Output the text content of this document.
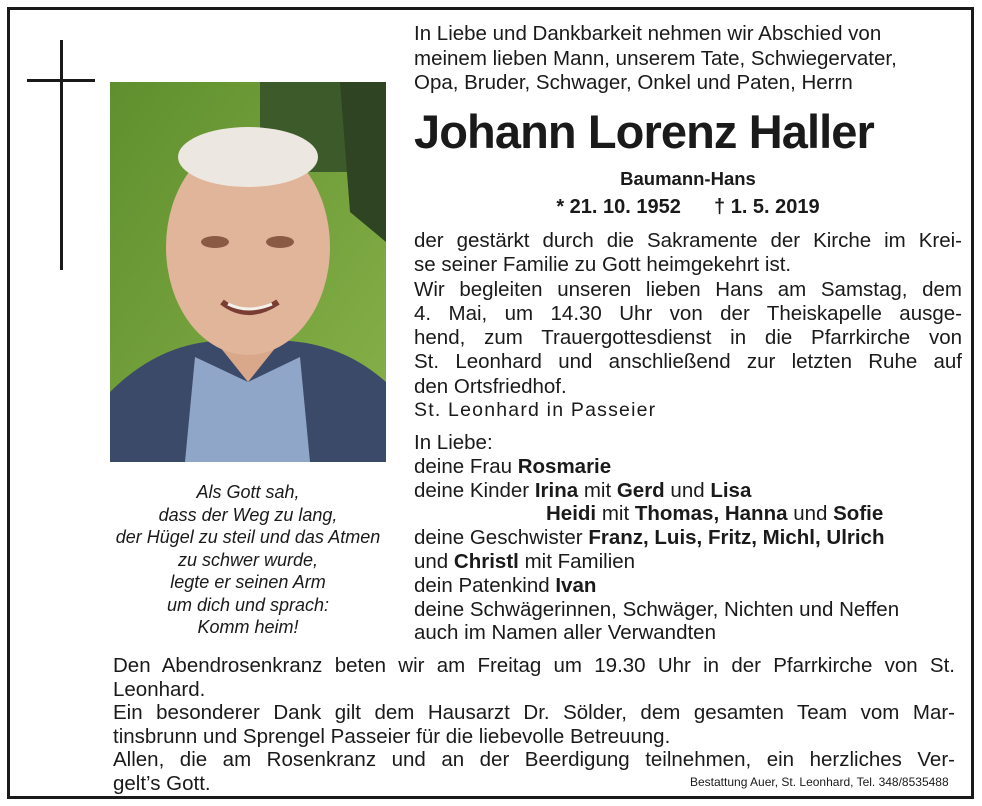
Als Gott sah,
dass der Weg zu lang,
der Hügel zu steil und das Atmen
zu schwer wurde,
legte er seinen Arm
um dich und sprach:
Komm heim!
In Liebe und Dankbarkeit nehmen wir Abschied von
meinem lieben Mann, unserem Tate, Schwiegervater,
Opa, Bruder, Schwager, Onkel und Paten, Herrn
Johann Lorenz Haller
Baumann-Hans
* 21. 10. 1952 † 1. 5. 2019
der gestärkt durch die Sakramente der Kirche im Krei-
se seiner Familie zu Gott heimgekehrt ist.
Wir begleiten unseren lieben Hans am Samstag, dem
4. Mai, um 14.30 Uhr von der Theiskapelle ausge-
hend, zum Trauergottesdienst in die Pfarrkirche von
St. Leonhard und anschließend zur letzten Ruhe auf
den Ortsfriedhof.
St. Leonhard in Passeier
In Liebe:
deine Frau Rosmarie
deine Kinder Irina mit Gerd und Lisa
Heidi mit Thomas, Hanna und Sofie
deine Geschwister Franz, Luis, Fritz, Michl, Ulrich
und Christl mit Familien
dein Patenkind Ivan
deine Schwägerinnen, Schwäger, Nichten und Neffen
auch im Namen aller Verwandten
Den Abendrosenkranz beten wir am Freitag um 19.30 Uhr in der Pfarrkirche von St.
Leonhard.
Ein besonderer Dank gilt dem Hausarzt Dr. Sölder, dem gesamten Team vom Mar-
tinsbrunn und Sprengel Passeier für die liebevolle Betreuung.
Allen, die am Rosenkranz und an der Beerdigung teilnehmen, ein herzliches Ver-
gelt’s Gott.	Bestattung Auer, St. Leonhard, Tel. 348/8535488
